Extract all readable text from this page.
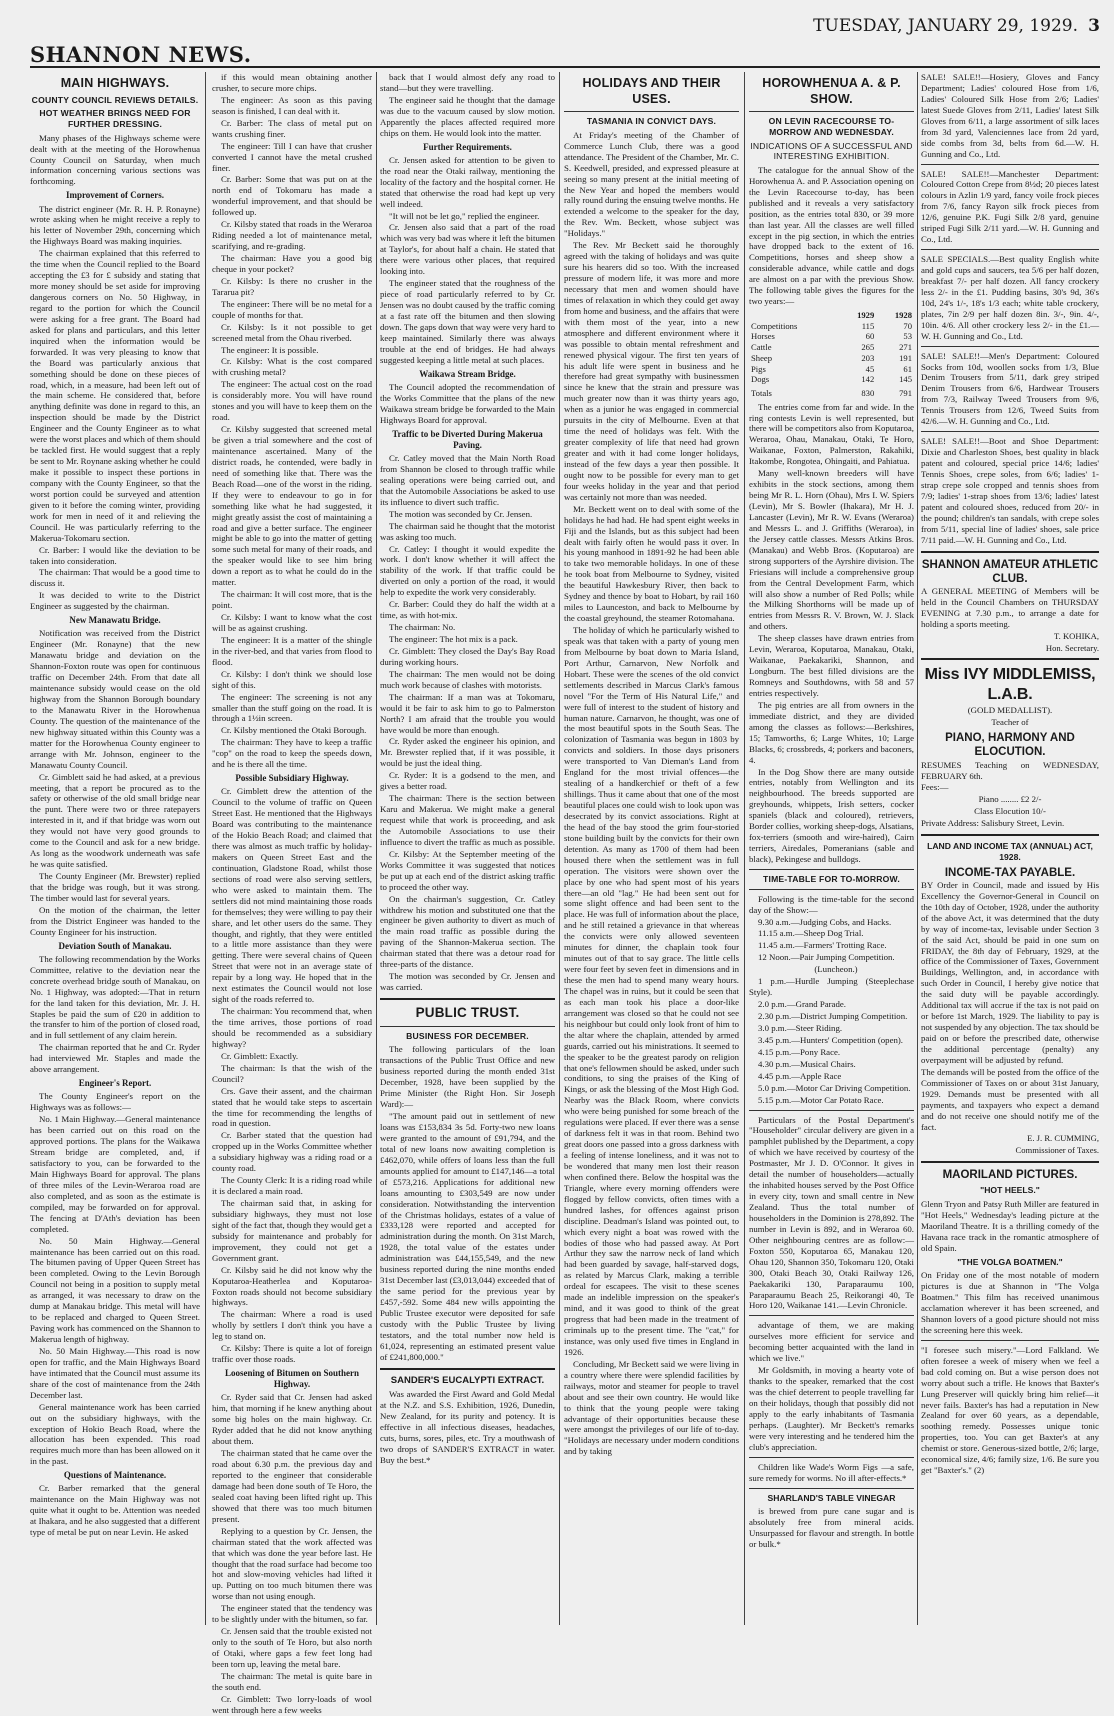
SHANNON NEWS.
TUESDAY, JANUARY 29, 1929. 3
MAIN HIGHWAYS.
COUNTY COUNCIL REVIEWS DETAILS.
HOT WEATHER BRINGS NEED FOR FURTHER DRESSING.

Many phases of the Highways scheme were dealt with at the meeting of the Horowhenua County Council on Saturday, when much information concerning various sections was forthcoming.

Improvement of Corners.

The district engineer (Mr. R. H. P. Ronayne) wrote asking when he might receive a reply to his letter of November 29th, concerning which the Highways Board was making inquiries.

The chairman explained that this referred to the time when the Council replied to the Board accepting the £3 for £ subsidy and stating that more money should be set aside for improving dangerous corners on No. 50 Highway, in regard to the portion for which the Council were asking for a free grant. The Board had asked for plans and particulars, and this letter inquired when the information would be forwarded. It was very pleasing to know that the Board was particularly anxious that something should be done on these pieces of road, which, in a measure, had been left out of the main scheme. He considered that, before anything definite was done in regard to this, an inspection should be made by the District Engineer and the County Engineer as to what were the worst places and which of them should be tackled first. He would suggest that a reply be sent to Mr. Roynane asking whether he could make it possible to inspect these portions in company with the County Engineer, so that the worst portion could be surveyed and attention given to it before the coming winter, providing work for men in need of it and relieving the Council. He was particularly referring to the Makerua-Tokomaru section.

Cr. Barber: I would like the deviation to be taken into consideration.

The chairman: That would be a good time to discuss it.

It was decided to write to the District Engineer as suggested by the chairman.

New Manawatu Bridge.

Notification was received from the District Engineer (Mr. Ronayne) that the new Manawatu bridge and deviation on the Shannon-Foxton route was open for continuous traffic on December 24th. From that date all maintenance subsidy would cease on the old highway from the Shannon Borough boundary to the Manawatu River in the Horowhenua County. The question of the maintenance of the new highway situated within this County was a matter for the Horowhenua County engineer to arrange with Mr. Johnson, engineer to the Manawatu County Council.

Cr. Gimblett said he had asked, at a previous meeting, that a report be procured as to the safety or otherwise of the old small bridge near the punt. There were two or three ratepayers interested in it, and if that bridge was worn out they would not have very good grounds to come to the Council and ask for a new bridge. As long as the woodwork underneath was safe he was quite satisfied.

The County Engineer (Mr. Brewster) replied that the bridge was rough, but it was strong. The timber would last for several years.

On the motion of the chairman, the letter from the District Engineer was handed to the County Engineer for his instruction.

Deviation South of Manakau.

The following recommendation by the Works Committee, relative to the deviation near the concrete overhead bridge south of Manakau, on No. 1 Highway, was adopted:—That in return for the land taken for this deviation, Mr. J. H. Staples be paid the sum of £20 in addition to the transfer to him of the portion of closed road, and in full settlement of any claim herein.

The chairman reported that he and Cr. Ryder had interviewed Mr. Staples and made the above arrangement.

Engineer's Report.

The County Engineer's report on the Highways was as follows:—

No. 1 Main Highway.—General maintenance has been carried out on this road on the approved portions. The plans for the Waikawa Stream bridge are completed, and, if satisfactory to you, can be forwarded to the Main Highways Board for approval. The plans of three miles of the Levin-Weraroa road are also completed, and as soon as the estimate is compiled, may be forwarded on for approval. The fencing at D'Ath's deviation has been completed.

No. 50 Main Highway.—General maintenance has been carried out on this road. The bitumen paving of Upper Queen Street has been completed. Owing to the Levin Borough Council not being in a position to supply metal as arranged, it was necessary to draw on the dump at Manakau bridge. This metal will have to be replaced and charged to Queen Street. Paving work has commenced on the Shannon to Makerua length of highway.

No. 50 Main Highway.—This road is now open for traffic, and the Main Highways Board have intimated that the Council must assume its share of the cost of maintenance from the 24th December last.

General maintenance work has been carried out on the subsidiary highways, with the exception of Hokio Beach Road, where the allocation has been expended. This road requires much more than has been allowed on it in the past.

Questions of Maintenance.

Cr. Barber remarked that the general maintenance on the Main Highway was not quite what it ought to be. Attention was needed at Ihakara, and he also suggested that a different type of metal be put on near Levin. He asked

if this would mean obtaining another crusher, to secure more chips.

The engineer: As soon as this paving season is finished, I can deal with it.

Cr. Barber: The class of metal put on wants crushing finer.

The engineer: Till I can have that crusher converted I cannot have the metal crushed finer.

Cr. Barber: Some that was put on at the north end of Tokomaru has made a wonderful improvement, and that should be followed up.

Cr. Kilsby stated that roads in the Weraroa Riding needed a lot of maintenance metal, scarifying, and re-grading.

The chairman: Have you a good big cheque in your pocket?

Cr. Kilsby: Is there no crusher in the Tararua pit?

The engineer: There will be no metal for a couple of months for that.

Cr. Kilsby: Is it not possible to get screened metal from the Ohau riverbed.

The engineer: It is possible.

Cr. Kilsby: What is the cost compared with crushing metal?

The engineer: The actual cost on the road is considerably more. You will have round stones and you will have to keep them on the road.

Cr. Kilsby suggested that screened metal be given a trial somewhere and the cost of maintenance ascertained. Many of the district roads, he contended, were badly in need of something like that. There was the Beach Road—one of the worst in the riding. If they were to endeavour to go in for something like what he had suggested, it might greatly assist the cost of maintaining a road and give a better surface. The engineer might be able to go into the matter of getting some such metal for many of their roads, and the speaker would like to see him bring down a report as to what he could do in the matter.

The chairman: It will cost more, that is the point.

Cr. Kilsby: I want to know what the cost will be as against crushing.

The engineer: It is a matter of the shingle in the river-bed, and that varies from flood to flood.

Cr. Kilsby: I don't think we should lose sight of this.

The engineer: The screening is not any smaller than the stuff going on the road. It is through a 1½in screen.

Cr. Kilsby mentioned the Otaki Borough.

The chairman: They have to keep a traffic "cop" on the road to keep the speeds down, and he is there all the time.

Possible Subsidiary Highway.

Cr. Gimblett drew the attention of the Council to the volume of traffic on Queen Street East. He mentioned that the Highways Board was contributing to the maintenance of the Hokio Beach Road; and claimed that there was almost as much traffic by holiday-makers on Queen Street East and the continuation, Gladstone Road, whilst those sections of road were also serving settlers, who were asked to maintain them. The settlers did not mind maintaining those roads for themselves; they were willing to pay their share, and let other users do the same. They thought, and rightly, that they were entitled to a little more assistance than they were getting. There were several chains of Queen Street that were not in an average state of repair by a long way. He hoped that in the next estimates the Council would not lose sight of the roads referred to.

The chairman: You recommend that, when the time arrives, those portions of road should be recommended as a subsidiary highway?

Cr. Gimblett: Exactly.

The chairman: Is that the wish of the Council?

Crs. Gave their assent, and the chairman stated that he would take steps to ascertain the time for recommending the lengths of road in question.

Cr. Barber stated that the question had cropped up in the Works Committee whether a subsidiary highway was a riding road or a county road.

The County Clerk: It is a riding road while it is declared a main road.

The chairman said that, in asking for subsidiary highways, they must not lose sight of the fact that, though they would get a subsidy for maintenance and probably for improvement, they could not get a Government grant.

Cr. Kilsby said he did not know why the Koputaroa-Heatherlea and Koputaroa-Foxton roads should not become subsidiary highways.

The chairman: Where a road is used wholly by settlers I don't think you have a leg to stand on.

Cr. Kilsby: There is quite a lot of foreign traffic over those roads.

Loosening of Bitumen on Southern Highway.

Cr. Ryder said that Cr. Jensen had asked him, that morning if he knew anything about some big holes on the main highway. Cr. Ryder added that he did not know anything about them.

The chairman stated that he came over the road about 6.30 p.m. the previous day and reported to the engineer that considerable damage had been done south of Te Horo, the sealed coat having been lifted right up. This showed that there was too much bitumen present.

Replying to a question by Cr. Jensen, the chairman stated that the work affected was that which was done the year before last. He thought that the road surface had become too hot and slow-moving vehicles had lifted it up. Putting on too much bitumen there was worse than not using enough.

The engineer stated that the tendency was to be slightly under with the bitumen, so far.

Cr. Jensen said that the trouble existed not only to the south of Te Horo, but also north of Otaki, where gaps a few feet long had been torn up, leaving the metal bare.

The chairman: The metal is quite bare in the south end.

Cr. Gimblett: Two lorry-loads of wool went through here a few weeks

back that I would almost defy any road to stand—but they were travelling.

The engineer said he thought that the damage was due to the vacuum caused by slow motion. Apparently the places affected required more chips on them. He would look into the matter.

Further Requirements.

Cr. Jensen asked for attention to be given to the road near the Otaki railway, mentioning the locality of the factory and the hospital corner. He stated that otherwise the road had kept up very well indeed.

"It will not be let go," replied the engineer.

Cr. Jensen also said that a part of the road which was very bad was where it left the bitumen at Taylor's, for about half a chain. He stated that there were various other places, that required looking into.

The engineer stated that the roughness of the piece of road particularly referred to by Cr. Jensen was no doubt caused by the traffic coming at a fast rate off the bitumen and then slowing down. The gaps down that way were very hard to keep maintained. Similarly there was always trouble at the end of bridges. He had always suggested keeping a little metal at such places.

Waikawa Stream Bridge.

The Council adopted the recommendation of the Works Committee that the plans of the new Waikawa stream bridge be forwarded to the Main Highways Board for approval.

Traffic to be Diverted During Makerua Paving.

Cr. Catley moved that the Main North Road from Shannon be closed to through traffic while sealing operations were being carried out, and that the Automobile Associations be asked to use its influence to divert such traffic.

The motion was seconded by Cr. Jensen.

The chairman said he thought that the motorist was asking too much.

Cr. Catley: I thought it would expedite the work. I don't know whether it will affect the stability of the work. If that traffic could be diverted on only a portion of the road, it would help to expedite the work very considerably.

Cr. Barber: Could they do half the width at a time, as with hot-mix.

The chairman: No.

The engineer: The hot mix is a pack.

Cr. Gimblett: They closed the Day's Bay Road during working hours.

The chairman: The men would not be doing much work because of clashes with motorists.

The chairman: If a man was at Tokomaru, would it be fair to ask him to go to Palmerston North? I am afraid that the trouble you would have would be more than enough.

Cr. Ryder asked the engineer his opinion, and Mr. Brewster replied that, if it was possible, it would be just the ideal thing.

Cr. Ryder: It is a godsend to the men, and gives a better road.

The chairman: There is the section between Karu and Makerua. We might make a general request while that work is proceeding, and ask the Automobile Associations to use their influence to divert the traffic as much as possible.

Cr. Kilsby: At the September meeting of the Works Committee it was suggested that notices be put up at each end of the district asking traffic to proceed the other way.

On the chairman's suggestion, Cr. Catley withdrew his motion and substituted one that the engineer be given authority to divert as much of the main road traffic as possible during the paving of the Shannon-Makerua section. The chairman stated that there was a detour road for three-parts of the distance.

The motion was seconded by Cr. Jensen and was carried.

PUBLIC TRUST.
BUSINESS FOR DECEMBER.

The following particulars of the loan transactions of the Public Trust Office and new business reported during the month ended 31st December, 1928, have been supplied by the Prime Minister (the Right Hon. Sir Joseph Ward):—

"The amount paid out in settlement of new loans was £153,834 3s 5d. Forty-two new loans were granted to the amount of £91,794, and the total of new loans now awaiting completion is £462,070, while offers of loans less than the full amounts applied for amount to £147,146—a total of £573,216. Applications for additional new loans amounting to £303,549 are now under consideration. Notwithstanding the intervention of the Christmas holidays, estates of a value of £333,128 were reported and accepted for administration during the month. On 31st March, 1928, the total value of the estates under administration was £44,155,549, and the new business reported during the nine months ended 31st December last (£3,013,044) exceeded that of the same period for the previous year by £457,-592. Some 484 new wills appointing the Public Trustee executor were deposited for safe custody with the Public Trustee by living testators, and the total number now held is 61,024, representing an estimated present value of £241,800,000."

SANDER'S EUCALYPTI EXTRACT.

Was awarded the First Award and Gold Medal at the N.Z. and S.S. Exhibition, 1926, Dunedin, New Zealand, for its purity and potency. It is effective in all infectious diseases, headaches, cuts, burns, sores, piles, etc. Try a mouthwash of two drops of SANDER'S EXTRACT in water. Buy the best.*

HOLIDAYS AND THEIR USES.
TASMANIA IN CONVICT DAYS.

At Friday's meeting of the Chamber of Commerce Lunch Club, there was a good attendance. The President of the Chamber, Mr. C. S. Keedwell, presided, and expressed pleasure at seeing so many present at the initial meeting of the New Year and hoped the members would rally round during the ensuing twelve months. He extended a welcome to the speaker for the day, the Rev. Wm. Beckett, whose subject was "Holidays."

The Rev. Mr Beckett said he thoroughly agreed with the taking of holidays and was quite sure his hearers did so too. With the increased pressure of modern life, it was more and more necessary that men and women should have times of relaxation in which they could get away from home and business, and the affairs that were with them most of the year, into a new atmosphere and different environment where it was possible to obtain mental refreshment and renewed physical vigour. The first ten years of his adult life were spent in business and he therefore had great sympathy with businessmen since he knew that the strain and pressure was much greater now than it was thirty years ago, when as a junior he was engaged in commercial pursuits in the city of Melbourne. Even at that time the need of holidays was felt. With the greater complexity of life that need had grown greater and with it had come longer holidays, instead of the few days a year then possible. It ought now to be possible for every man to get four weeks holiday in the year and that period was certainly not more than was needed.

Mr. Beckett went on to deal with some of the holidays he had had. He had spent eight weeks in Fiji and the Islands, but as this subject had been dealt with fairly often he would pass it over. In his young manhood in 1891-92 he had been able to take two memorable holidays. In one of these he took boat from Melbourne to Sydney, visited the beautiful Hawkesbury River, then back to Sydney and thence by boat to Hobart, by rail 160 miles to Launceston, and back to Melbourne by the coastal greyhound, the steamer Rotomahana.

The holiday of which he particularly wished to speak was that taken with a party of young men from Melbourne by boat down to Maria Island, Port Arthur, Carnarvon, New Norfolk and Hobart. These were the scenes of the old convict settlements described in Marcus Clark's famous novel "For the Term of His Natural Life," and were full of interest to the student of history and human nature. Carnarvon, he thought, was one of the most beautiful spots in the South Seas. The colonization of Tasmania was begun in 1803 by convicts and soldiers. In those days prisoners were transported to Van Dieman's Land from England for the most trivial offences—the stealing of a handkerchief or theft of a few shillings. Thus it came about that one of the most beautiful places one could wish to look upon was desecrated by its convict associations. Right at the head of the bay stood the grim four-storied stone building built by the convicts for their own detention. As many as 1700 of them had been housed there when the settlement was in full operation. The visitors were shown over the place by one who had spent most of his years there—an old "lag." He had been sent out for some slight offence and had been sent to the place. He was full of information about the place, and he still retained a grievance in that whereas the convicts were only allowed seventeen minutes for dinner, the chaplain took four minutes out of that to say grace. The little cells were four feet by seven feet in dimensions and in these the men had to spend many weary hours. The chapel was in ruins, but it could be seen that as each man took his place a door-like arrangement was closed so that he could not see his neighbour but could only look front of him to the altar where the chaplain, attended by armed guards, carried out his ministrations. It seemed to the speaker to be the greatest parody on religion that one's fellowmen should be asked, under such conditions, to sing the praises of the King of Kings, or ask the blessing of the Most High God. Nearby was the Black Room, where convicts who were being punished for some breach of the regulations were placed. If ever there was a sense of darkness felt it was in that room. Behind two great doors one passed into a gross darkness with a feeling of intense loneliness, and it was not to be wondered that many men lost their reason when confined there. Below the hospital was the Triangle, where every morning offenders were flogged by fellow convicts, often times with a hundred lashes, for offences against prison discipline. Deadman's Island was pointed out, to which every night a boat was rowed with the bodies of those who had passed away. At Port Arthur they saw the narrow neck of land which had been guarded by savage, half-starved dogs, as related by Marcus Clark, making a terrible ordeal for escapees. The visit to these scenes made an indelible impression on the speaker's mind, and it was good to think of the great progress that had been made in the treatment of criminals up to the present time. The "cat," for instance, was only used five times in England in 1926.

Concluding, Mr Beckett said we were living in a country where there were splendid facilities by railways, motor and steamer for people to travel about and see their own country. He would like to think that the young people were taking advantage of their opportunities because these were amongst the privileges of our life of to-day. "Holidays are necessary under modern conditions and by taking

HOROWHENUA A. & P. SHOW.
ON LEVIN RACECOURSE TO-MORROW AND WEDNESDAY.
INDICATIONS OF A SUCCESSFUL AND INTERESTING EXHIBITION.

The catalogue for the annual Show of the Horowhenua A. and P. Association opening on the Levin Racecourse to-day, has been published and it reveals a very satisfactory position, as the entries total 830, or 39 more than last year. All the classes are well filled except in the pig section, in which the entries have dropped back to the extent of 16. Competitions, horses and sheep show a considerable advance, while cattle and dogs are almost on a par with the previous Show. The following table gives the figures for the two years:—

	1929	1928
Competitions	115	70
Horses	60	53
Cattle	265	271
Sheep	203	191
Pigs	45	61
Dogs	142	145
Totals	830	791

The entries come from far and wide. In the ring contests Levin is well represented, but there will be competitors also from Koputaroa, Weraroa, Ohau, Manakau, Otaki, Te Horo, Waikanae, Foxton, Palmerston, Rakahiki, Itakombe, Rongotea, Ohingaiti, and Pahiatua.

Many well-known breeders will have exhibits in the stock sections, among them being Mr R. L. Horn (Ohau), Mrs I. W. Spiers (Levin), Mr S. Bowler (Ihakara), Mr H. J. Lancaster (Levin), Mr R. W. Evans (Weraroa) and Messrs L. and J. Griffiths (Weraroa), in the Jersey cattle classes. Messrs Atkins Bros. (Manakau) and Webb Bros. (Koputaroa) are strong supporters of the Ayrshire division. The Friesians will include a comprehensive group from the Central Development Farm, which will also show a number of Red Polls; while the Milking Shorthorns will be made up of entries from Messrs R. V. Brown, W. J. Slack and others.

The sheep classes have drawn entries from Levin, Weraroa, Koputaroa, Manakau, Otaki, Waikanae, Paekakariki, Shannon, and Longburn. The best filled divisions are the Romneys and Southdowns, with 58 and 57 entries respectively.

The pig entries are all from owners in the immediate district, and they are divided among the classes as follows:—Berkshires, 15; Tamworths, 6; Large Whites, 10; Large Blacks, 6; crossbreds, 4; porkers and baconers, 4.

In the Dog Show there are many outside entries, notably from Wellington and its neighbourhood. The breeds supported are greyhounds, whippets, Irish setters, cocker spaniels (black and coloured), retrievers, Border collies, working sheep-dogs, Alsatians, fox-terriers (smooth and wire-haired), Cairn terriers, Airedales, Pomeranians (sable and black), Pekingese and bulldogs.

TIME-TABLE FOR TO-MORROW.

Following is the time-table for the second day of the Show:—

9.30 a.m.—Judging Cobs, and Hacks.

11.15 a.m.—Sheep Dog Trial.

11.45 a.m.—Farmers' Trotting Race.

12 Noon.—Pair Jumping Competition.

(Luncheon.)

1 p.m.—Hurdle Jumping (Steeplechase Style).

2.0 p.m.—Grand Parade.

2.30 p.m.—District Jumping Competition.

3.0 p.m.—Steer Riding.

3.45 p.m.—Hunters' Competition (open).

4.15 p.m.—Pony Race.

4.30 p.m.—Musical Chairs.

4.45 p.m.—Apple Race

5.0 p.m.—Motor Car Driving Competition.

5.15 p.m.—Motor Car Potato Race.

Particulars of the Postal Department's "Householder" circular delivery are given in a pamphlet published by the Department, a copy of which we have received by courtesy of the Postmaster, Mr J. D. O'Connor. It gives in detail the number of householders—actually the inhabited houses served by the Post Office in every city, town and small centre in New Zealand. Thus the total number of householders in the Dominion is 278,892. The number in Levin is 892, and in Weraroa 60. Other neighbouring centres are as follow:—Foxton 550, Koputaroa 65, Manakau 120, Ohau 120, Shannon 350, Tokomaru 120, Otaki 300, Otaki Beach 30, Otaki Railway 126, Paekakariki 130, Paraparaumu 100, Paraparaumu Beach 25, Reikorangi 40, Te Horo 120, Waikanae 141.—Levin Chronicle.

advantage of them, we are making ourselves more efficient for service and becoming better acquainted with the land in which we live."

Mr Goldsmith, in moving a hearty vote of thanks to the speaker, remarked that the cost was the chief deterrent to people travelling far on their holidays, though that possibly did not apply to the early inhabitants of Tasmania perhaps. (Laughter). Mr Beckett's remarks were very interesting and he tendered him the club's appreciation.

Children like Wade's Worm Figs —a safe, sure remedy for worms. No ill after-effects.*

SHARLAND'S TABLE VINEGAR

is brewed from pure cane sugar and is absolutely free from mineral acids. Unsurpassed for flavour and strength. In bottle or bulk.*

SALE! SALE!!—Hosiery, Gloves and Fancy Department; Ladies' coloured Hose from 1/6, Ladies' Coloured Silk Hose from 2/6; Ladies' latest Suede Gloves from 2/11, Ladies' latest Silk Gloves from 6/11, a large assortment of silk laces from 3d yard, Valenciennes lace from 2d yard, side combs from 3d, belts from 6d.—W. H. Gunning and Co., Ltd.

SALE! SALE!!—Manchester Department: Coloured Cotton Crepe from 8½d; 20 pieces latest colours in Azlin 1/9 yard, fancy voile frock pieces from 7/6, fancy Rayon silk frock pieces from 12/6, genuine P.K. Fugi Silk 2/8 yard, genuine striped Fugi Silk 2/11 yard.—W. H. Gunning and Co., Ltd.

SALE SPECIALS.—Best quality English white and gold cups and saucers, tea 5/6 per half dozen, breakfast 7/- per half dozen. All fancy crockery less 2/- in the £1. Pudding basins, 30's 9d, 36's 10d, 24's 1/-, 18's 1/3 each; white table crockery, plates, 7in 2/9 per half dozen 8in. 3/-, 9in. 4/-, 10in. 4/6. All other crockery less 2/- in the £1.—W. H. Gunning and Co., Ltd.

SALE! SALE!!—Men's Department: Coloured Socks from 10d, woollen socks from 1/3, Blue Denim Trousers from 5/11, dark grey striped Denim Trousers from 6/6, Hardwear Trousers from 7/3, Railway Tweed Trousers from 9/6, Tennis Trousers from 12/6, Tweed Suits from 42/6.—W. H. Gunning and Co., Ltd.

SALE! SALE!!—Boot and Shoe Department: Dixie and Charleston Shoes, best quality in black patent and coloured, special price 14/6; ladies' Tennis Shoes, crepe soles, from 6/6; ladies' 1-strap crepe sole cropped and tennis shoes from 7/9; ladies' 1-strap shoes from 13/6; ladies' latest patent and coloured shoes, reduced from 20/- in the pound; children's tan sandals, with crepe soles from 5/11, special line of ladies' shoes, sale price 7/11 paid.—W. H. Gunning and Co., Ltd.

SHANNON AMATEUR ATHLETIC CLUB.

A GENERAL MEETING of Members will be held in the Council Chambers on THURSDAY EVENING at 7.30 p.m., to arrange a date for holding a sports meeting.

T. KOHIKA,

Hon. Secretary.

Miss IVY MIDDLEMISS, L.A.B.

(GOLD MEDALLIST).

Teacher of

PIANO, HARMONY AND ELOCUTION.

RESUMES Teaching on WEDNESDAY, FEBRUARY 6th.

Fees:—

Piano ........ £2 2/-

Class Elocution 10/-

Private Address: Salisbury Street, Levin.

LAND AND INCOME TAX (ANNUAL) ACT, 1928.
INCOME-TAX PAYABLE.

BY Order in Council, made and issued by His Excellency the Governor-General in Council on the 10th day of October, 1928, under the authority of the above Act, it was determined that the duty by way of income-tax, levisable under Section 3 of the said Act, should be paid in one sum on FRIDAY, the 8th day of February, 1929, at the office of the Commissioner of Taxes, Government Buildings, Wellington, and, in accordance with such Order in Council, I hereby give notice that the said duty will be payable accordingly. Additional tax will accrue if the tax is not paid on or before 1st March, 1929. The liability to pay is not suspended by any objection. The tax should be paid on or before the prescribed date, otherwise the additional percentage (penalty) any overpayment will be adjusted by refund.

The demands will be posted from the office of the Commissioner of Taxes on or about 31st January, 1929. Demands must be presented with all payments, and taxpayers who expect a demand and do not receive one should notify me of the fact.

E. J. R. CUMMING,

Commissioner of Taxes.

MAORILAND PICTURES.
"HOT HEELS."

Glenn Tryon and Patsy Ruth Miller are featured in "Hot Heels," Wednesday's leading picture at the Maoriland Theatre. It is a thrilling comedy of the Havana race track in the romantic atmosphere of old Spain.

"THE VOLGA BOATMEN."

On Friday one of the most notable of modern pictures is due at Shannon in "The Volga Boatmen." This film has received unanimous acclamation wherever it has been screened, and Shannon lovers of a good picture should not miss the screening here this week.

"I foresee such misery."—Lord Falkland. We often foresee a week of misery when we feel a bad cold coming on. But a wise person does not worry about such a trifle. He knows that Baxter's Lung Preserver will quickly bring him relief—it never fails. Baxter's has had a reputation in New Zealand for over 60 years, as a dependable, soothing remedy. Possesses unique tonic properties, too. You can get Baxter's at any chemist or store. Generous-sized bottle, 2/6; large, economical size, 4/6; family size, 1/6. Be sure you get "Baxter's." (2)
